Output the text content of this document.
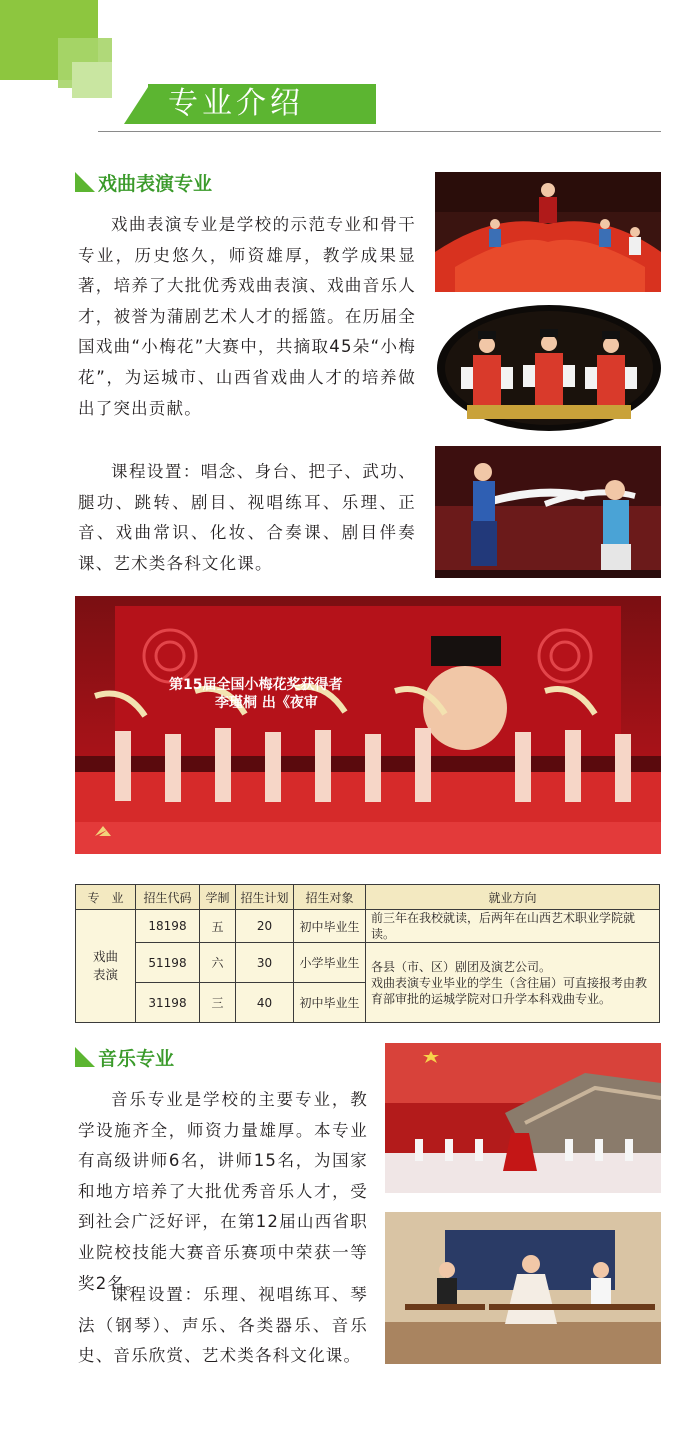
专业介绍
戏曲表演专业
戏曲表演专业是学校的示范专业和骨干专业，历史悠久，师资雄厚，教学成果显著，培养了大批优秀戏曲表演、戏曲音乐人才，被誉为蒲剧艺术人才的摇篮。在历届全国戏曲“小梅花”大赛中，共摘取45朵“小梅花”，为运城市、山西省戏曲人才的培养做出了突出贡献。
课程设置：唱念、身台、把子、武功、腿功、跳转、剧目、视唱练耳、乐理、正音、戏曲常识、化妆、合奏课、剧目伴奏课、艺术类各科文化课。
第15届全国小梅花奖获得者
李瑾桐 出《夜审
专　业	招生代码	学制	招生计划	招生对象	就业方向

戏曲表演	18198	五	20	初中毕业生	前三年在我校就读，后两年在山西艺术职业学院就读。
	51198	六	30	小学毕业生	各县（市、区）剧团及演艺公司。
戏曲表演专业毕业的学生（含往届）可直接报考由教育部审批的运城学院对口升学本科戏曲专业。

	31198	三	40	初中毕业生	
音乐专业
音乐专业是学校的主要专业，教学设施齐全，师资力量雄厚。本专业有高级讲师6名，讲师15名，为国家和地方培养了大批优秀音乐人才，受到社会广泛好评，在第12届山西省职业院校技能大赛音乐赛项中荣获一等奖2名。
课程设置：乐理、视唱练耳、琴法（钢琴）、声乐、各类器乐、音乐史、音乐欣赏、艺术类各科文化课。
